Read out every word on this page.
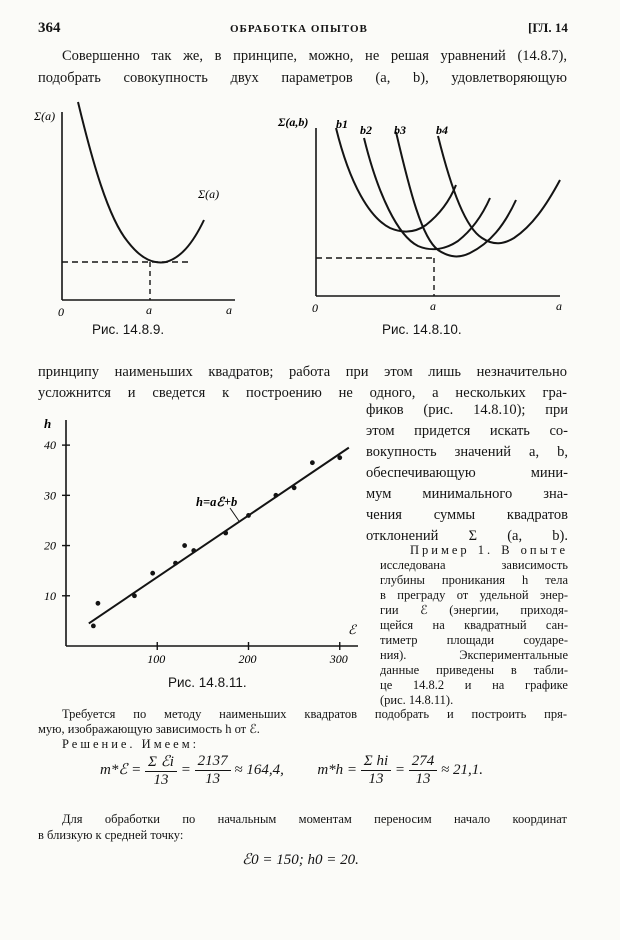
364	ОБРАБОТКА ОПЫТОВ	[ГЛ. 14
Совершенно так же, в принципе, можно, не решая уравнений (14.8.7),
подобрать совокупность двух параметров (a, b), удовлетворяющую
Σ(a)
Σ(a)
0	a	a
Рис. 14.8.9.
Σ(a,b) b1 b2 b3	b4
0	a	a
Рис. 14.8.10.
принципу наименьших квадратов; работа при этом лишь незначительно
усложнится и сведется к построению не одного, а нескольких гра-
фиков (рис. 14.8.10); при
этом придется искать со-
вокупность значений a, b,
обеспечивающую мини-
мум минимального зна-
чения суммы квадратов
отклонений Σ (a, b).
100	200	300
10
20
30
40
h
ℰ
h=aℰ+b
Рис. 14.8.11.
Пример 1. В опыте
исследована зависимость
глубины проникания h тела
в преграду от удельной энер-
гии ℰ (энергии, приходя-
щейся на квадратный сан-
тиметр площади соударе-
ния). Экспериментальные
данные приведены в табли-
це 14.8.2 и на графике
(рис. 14.8.11).
Требуется по методу наименьших квадратов подобрать и построить пря-
мую, изображающую зависимость h от ℰ.
Решение. Имеем:
m*ℰ = $\frac{\text{Σ ℰi}}{13} = \frac{2137}{13} \approx 164,4$, $m*h = \frac{\text{Σ hi}}{13} = \frac{274}{13} \approx 21,1$.
Для обработки по начальным моментам переносим начало координат
в близкую к средней точку:
ℰ0 = 150; h0 = 20.
